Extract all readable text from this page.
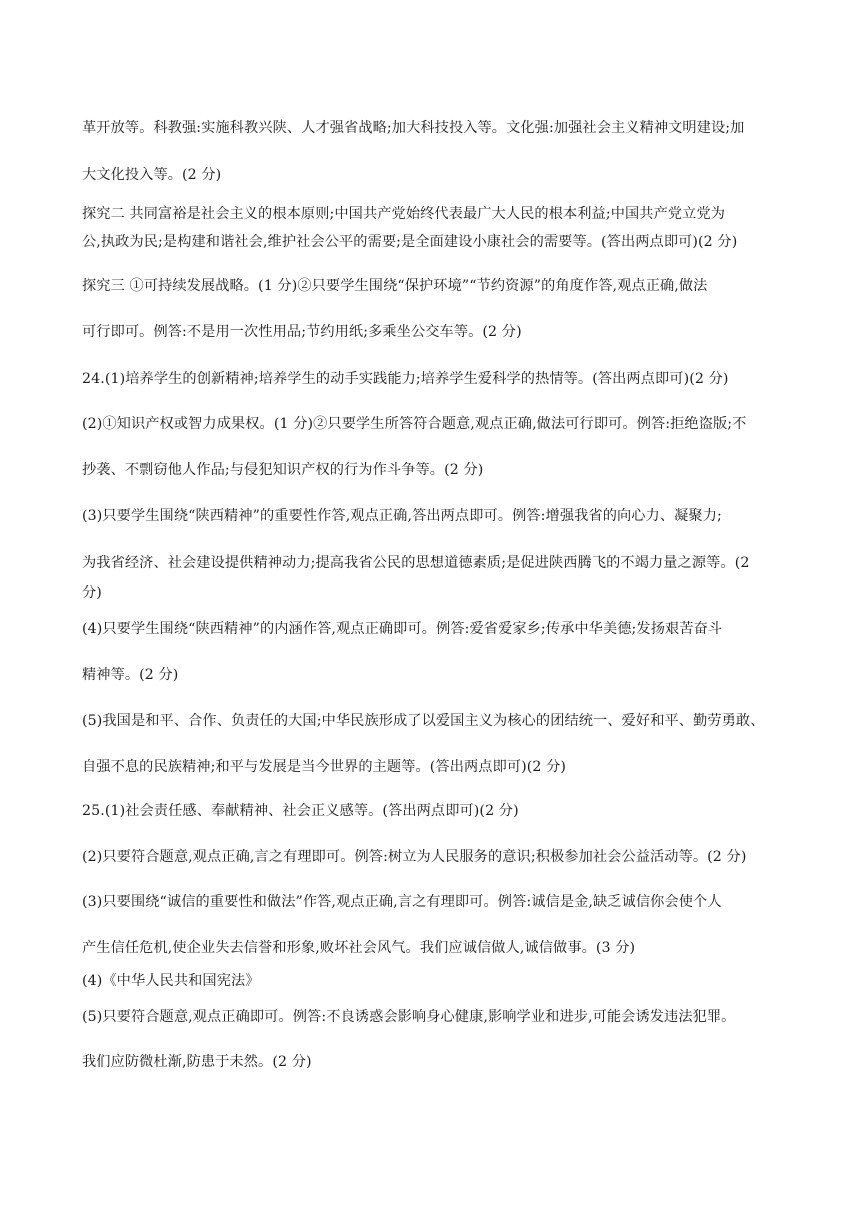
革开放等。科教强:实施科教兴陕、人才强省战略;加大科技投入等。文化强:加强社会主义精神文明建设;加
大文化投入等。(2 分)
探究二 共同富裕是社会主义的根本原则;中国共产党始终代表最广大人民的根本利益;中国共产党立党为
公,执政为民;是构建和谐社会,维护社会公平的需要;是全面建设小康社会的需要等。(答出两点即可)(2 分)
探究三 ①可持续发展战略。(1 分)②只要学生围绕“保护环境”“节约资源”的角度作答,观点正确,做法
可行即可。例答:不是用一次性用品;节约用纸;多乘坐公交车等。(2 分)
24.(1)培养学生的创新精神;培养学生的动手实践能力;培养学生爱科学的热情等。(答出两点即可)(2 分)
(2)①知识产权或智力成果权。(1 分)②只要学生所答符合题意,观点正确,做法可行即可。例答:拒绝盗版;不
抄袭、不剽窃他人作品;与侵犯知识产权的行为作斗争等。(2 分)
(3)只要学生围绕“陕西精神”的重要性作答,观点正确,答出两点即可。例答:增强我省的向心力、凝聚力;
为我省经济、社会建设提供精神动力;提高我省公民的思想道德素质;是促进陕西腾飞的不竭力量之源等。(2
分)
(4)只要学生围绕“陕西精神”的内涵作答,观点正确即可。例答:爱省爱家乡;传承中华美德;发扬艰苦奋斗
精神等。(2 分)
(5)我国是和平、合作、负责任的大国;中华民族形成了以爱国主义为核心的团结统一、爱好和平、勤劳勇敢、
自强不息的民族精神;和平与发展是当今世界的主题等。(答出两点即可)(2 分)
25.(1)社会责任感、奉献精神、社会正义感等。(答出两点即可)(2 分)
(2)只要符合题意,观点正确,言之有理即可。例答:树立为人民服务的意识;积极参加社会公益活动等。(2 分)
(3)只要围绕“诚信的重要性和做法”作答,观点正确,言之有理即可。例答:诚信是金,缺乏诚信你会使个人
产生信任危机,使企业失去信誉和形象,败坏社会风气。我们应诚信做人,诚信做事。(3 分)
(4)《中华人民共和国宪法》
(5)只要符合题意,观点正确即可。例答:不良诱惑会影响身心健康,影响学业和进步,可能会诱发违法犯罪。
我们应防微杜渐,防患于未然。(2 分)
